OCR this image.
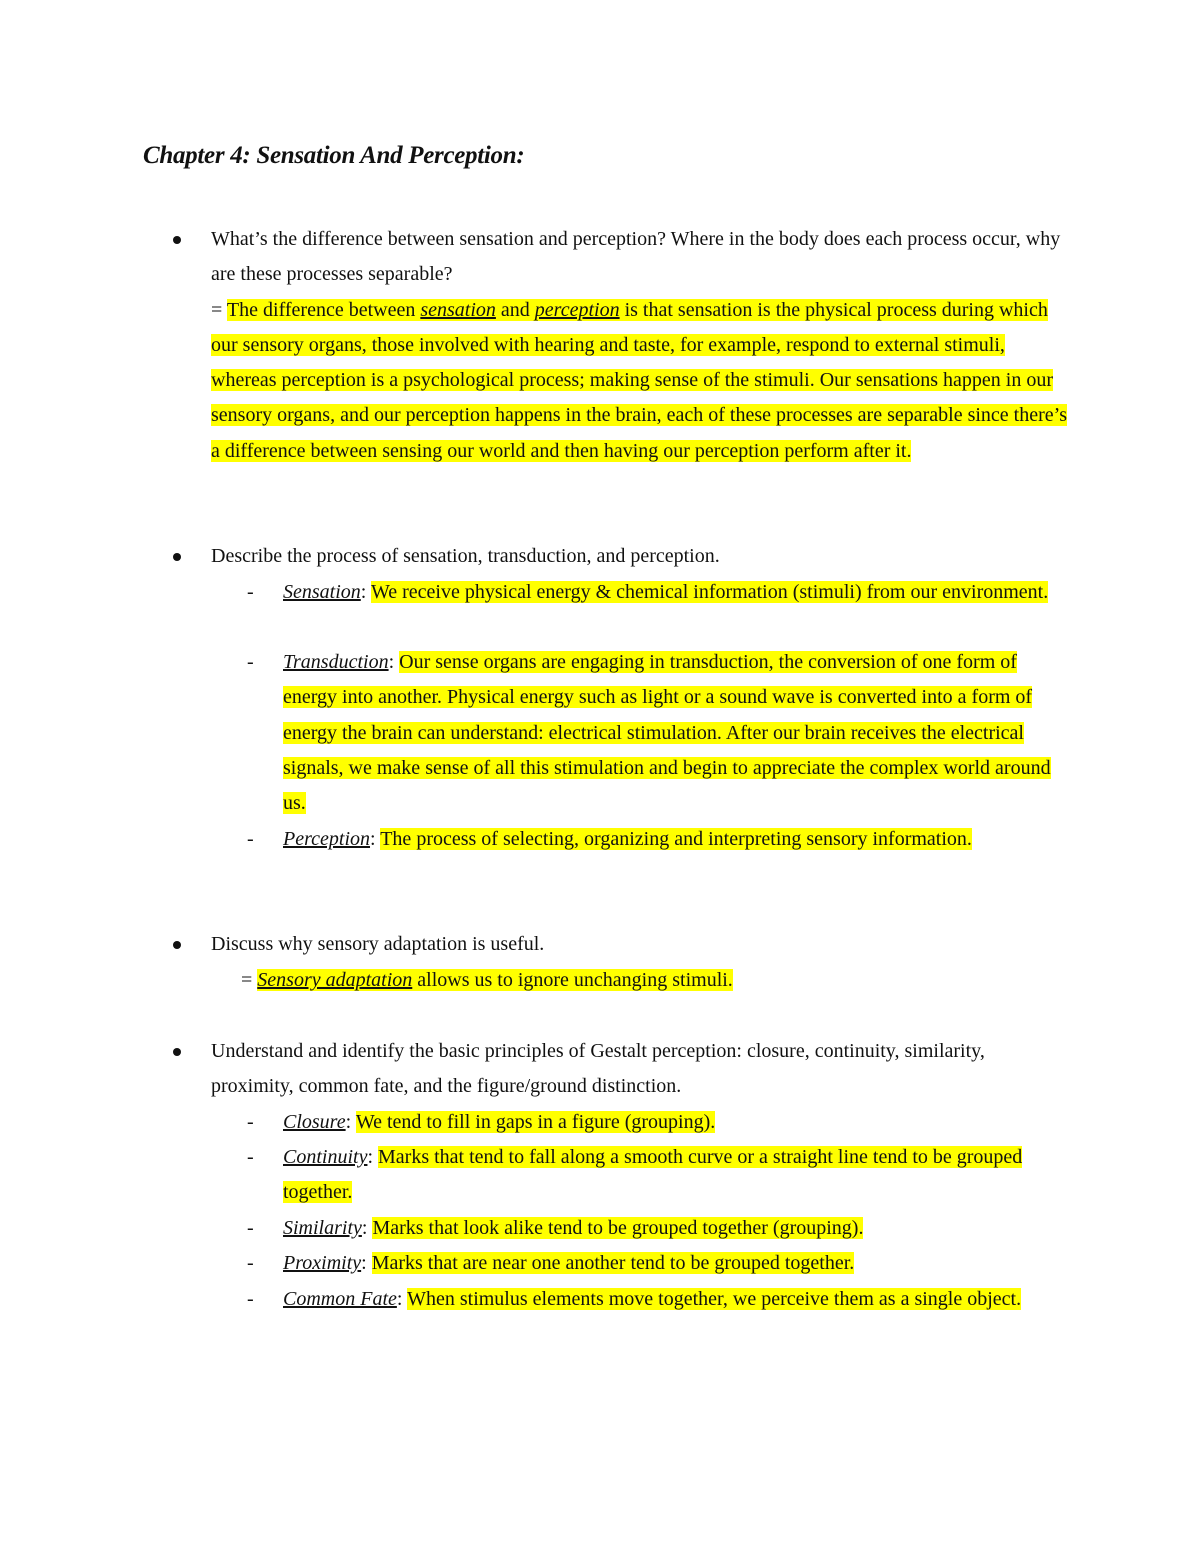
Chapter 4: Sensation And Perception:
What’s the difference between sensation and perception? Where in the body does each process occur, why are these processes separable?
= The difference between sensation and perception is that sensation is the physical process during which our sensory organs, those involved with hearing and taste, for example, respond to external stimuli, whereas perception is a psychological process; making sense of the stimuli. Our sensations happen in our sensory organs, and our perception happens in the brain, each of these processes are separable since there’s a difference between sensing our world and then having our perception perform after it.
Describe the process of sensation, transduction, and perception.
- Sensation: We receive physical energy & chemical information (stimuli) from our environment.
- Transduction: Our sense organs are engaging in transduction, the conversion of one form of energy into another. Physical energy such as light or a sound wave is converted into a form of energy the brain can understand: electrical stimulation. After our brain receives the electrical signals, we make sense of all this stimulation and begin to appreciate the complex world around us.
- Perception: The process of selecting, organizing and interpreting sensory information.
Discuss why sensory adaptation is useful.
= Sensory adaptation allows us to ignore unchanging stimuli.
Understand and identify the basic principles of Gestalt perception: closure, continuity, similarity, proximity, common fate, and the figure/ground distinction.
- Closure: We tend to fill in gaps in a figure (grouping).
- Continuity: Marks that tend to fall along a smooth curve or a straight line tend to be grouped together.
- Similarity: Marks that look alike tend to be grouped together (grouping).
- Proximity: Marks that are near one another tend to be grouped together.
- Common Fate: When stimulus elements move together, we perceive them as a single object.
